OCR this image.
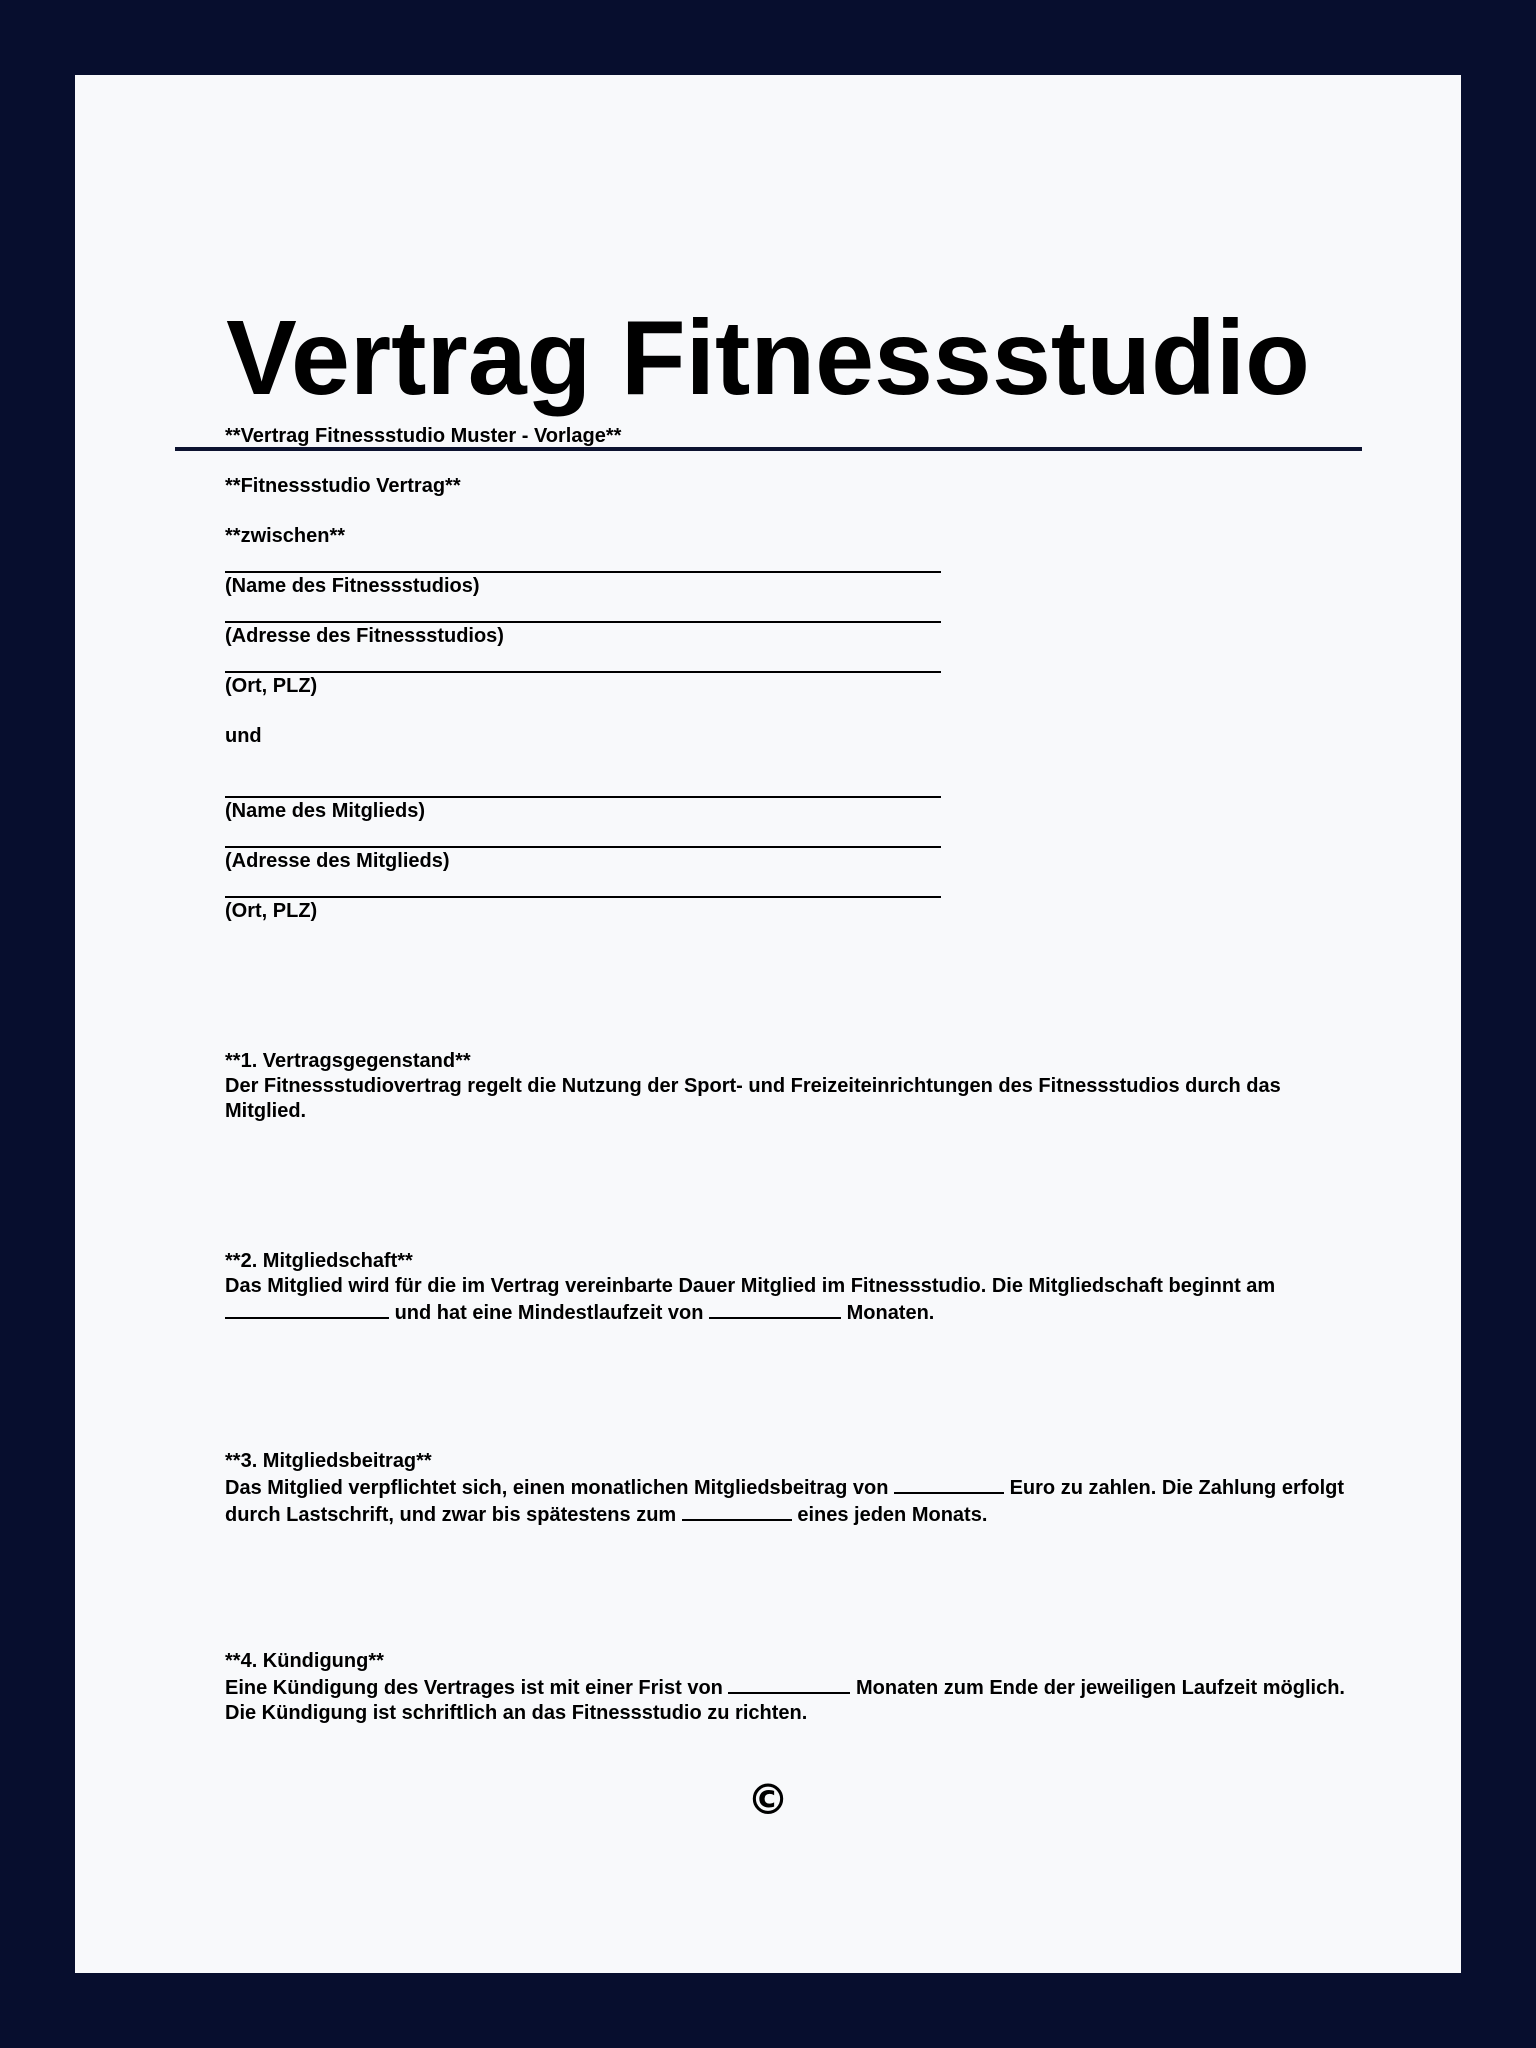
Vertrag Fitnessstudio
**Vertrag Fitnessstudio Muster - Vorlage**
**Fitnessstudio Vertrag**
**zwischen**
(Name des Fitnessstudios)
(Adresse des Fitnessstudios)
(Ort, PLZ)
und
(Name des Mitglieds)
(Adresse des Mitglieds)
(Ort, PLZ)
**1. Vertragsgegenstand**
Der Fitnessstudiovertrag regelt die Nutzung der Sport- und Freizeiteinrichtungen des Fitnessstudios durch das
Mitglied.
**2. Mitgliedschaft**
Das Mitglied wird für die im Vertrag vereinbarte Dauer Mitglied im Fitnessstudio. Die Mitgliedschaft beginnt am
und hat eine Mindestlaufzeit von	Monaten.
**3. Mitgliedsbeitrag**
Das Mitglied verpflichtet sich, einen monatlichen Mitgliedsbeitrag von	Euro zu zahlen. Die Zahlung erfolgt
durch Lastschrift, und zwar bis spätestens zum	eines jeden Monats.
**4. Kündigung**
Eine Kündigung des Vertrages ist mit einer Frist von	Monaten zum Ende der jeweiligen Laufzeit möglich.
Die Kündigung ist schriftlich an das Fitnessstudio zu richten.
©
